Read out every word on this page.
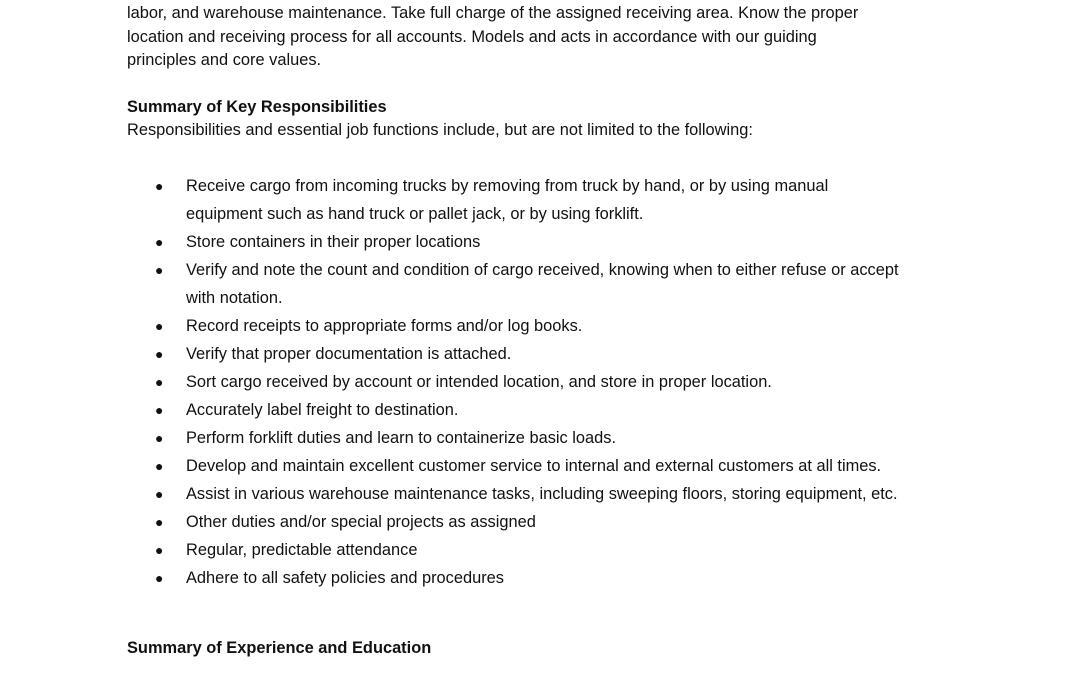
labor, and warehouse maintenance. Take full charge of the assigned receiving area. Know the proper
location and receiving process for all accounts. Models and acts in accordance with our guiding
principles and core values.

Summary of Key Responsibilities
Responsibilities and essential job functions include, but are not limited to the following:
● Receive cargo from incoming trucks by removing from truck by hand, or by using manual equipment such as hand truck or pallet jack, or by using forklift.
● Store containers in their proper locations
● Verify and note the count and condition of cargo received, knowing when to either refuse or accept with notation.
● Record receipts to appropriate forms and/or log books.
● Verify that proper documentation is attached.
● Sort cargo received by account or intended location, and store in proper location.
● Accurately label freight to destination.
● Perform forklift duties and learn to containerize basic loads.
● Develop and maintain excellent customer service to internal and external customers at all times.
● Assist in various warehouse maintenance tasks, including sweeping floors, storing equipment, etc.
● Other duties and/or special projects as assigned
● Regular, predictable attendance
● Adhere to all safety policies and procedures
Summary of Experience and Education
